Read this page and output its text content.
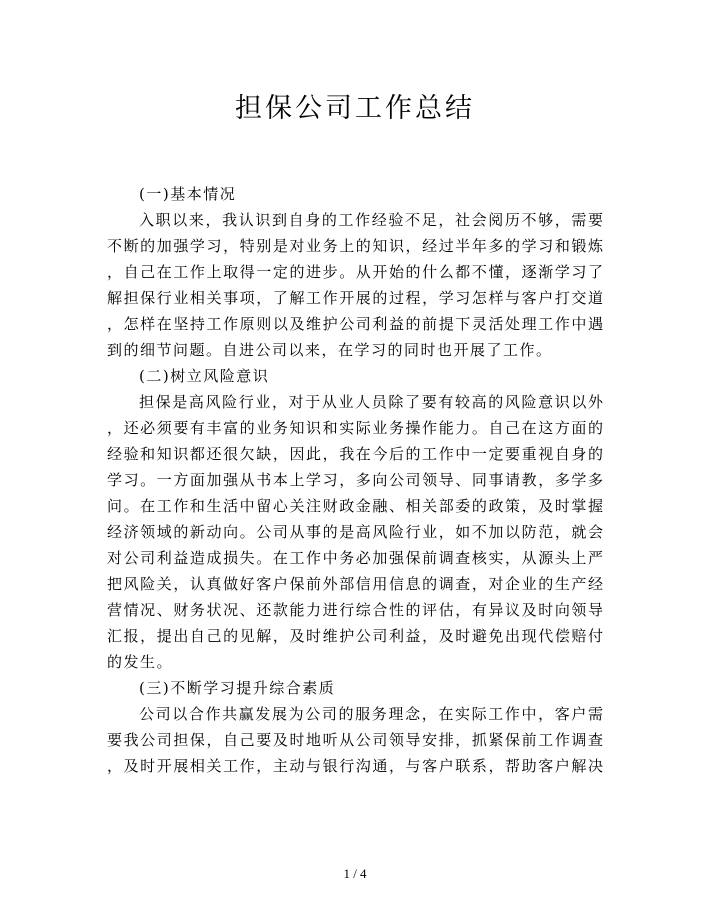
担保公司工作总结
(一)基本情况
入职以来，我认识到自身的工作经验不足，社会阅历不够，需要
不断的加强学习，特别是对业务上的知识，经过半年多的学习和锻炼
，自己在工作上取得一定的进步。从开始的什么都不懂，逐渐学习了
解担保行业相关事项，了解工作开展的过程，学习怎样与客户打交道
，怎样在坚持工作原则以及维护公司利益的前提下灵活处理工作中遇
到的细节问题。自进公司以来，在学习的同时也开展了工作。
(二)树立风险意识
担保是高风险行业，对于从业人员除了要有较高的风险意识以外
，还必须要有丰富的业务知识和实际业务操作能力。自己在这方面的
经验和知识都还很欠缺，因此，我在今后的工作中一定要重视自身的
学习。一方面加强从书本上学习，多向公司领导、同事请教，多学多
问。在工作和生活中留心关注财政金融、相关部委的政策，及时掌握
经济领域的新动向。公司从事的是高风险行业，如不加以防范，就会
对公司利益造成损失。在工作中务必加强保前调查核实，从源头上严
把风险关，认真做好客户保前外部信用信息的调查，对企业的生产经
营情况、财务状况、还款能力进行综合性的评估，有异议及时向领导
汇报，提出自己的见解，及时维护公司利益，及时避免出现代偿赔付
的发生。
(三)不断学习提升综合素质
公司以合作共赢发展为公司的服务理念，在实际工作中，客户需
要我公司担保，自己要及时地听从公司领导安排，抓紧保前工作调查
，及时开展相关工作，主动与银行沟通，与客户联系，帮助客户解决
1 / 4
